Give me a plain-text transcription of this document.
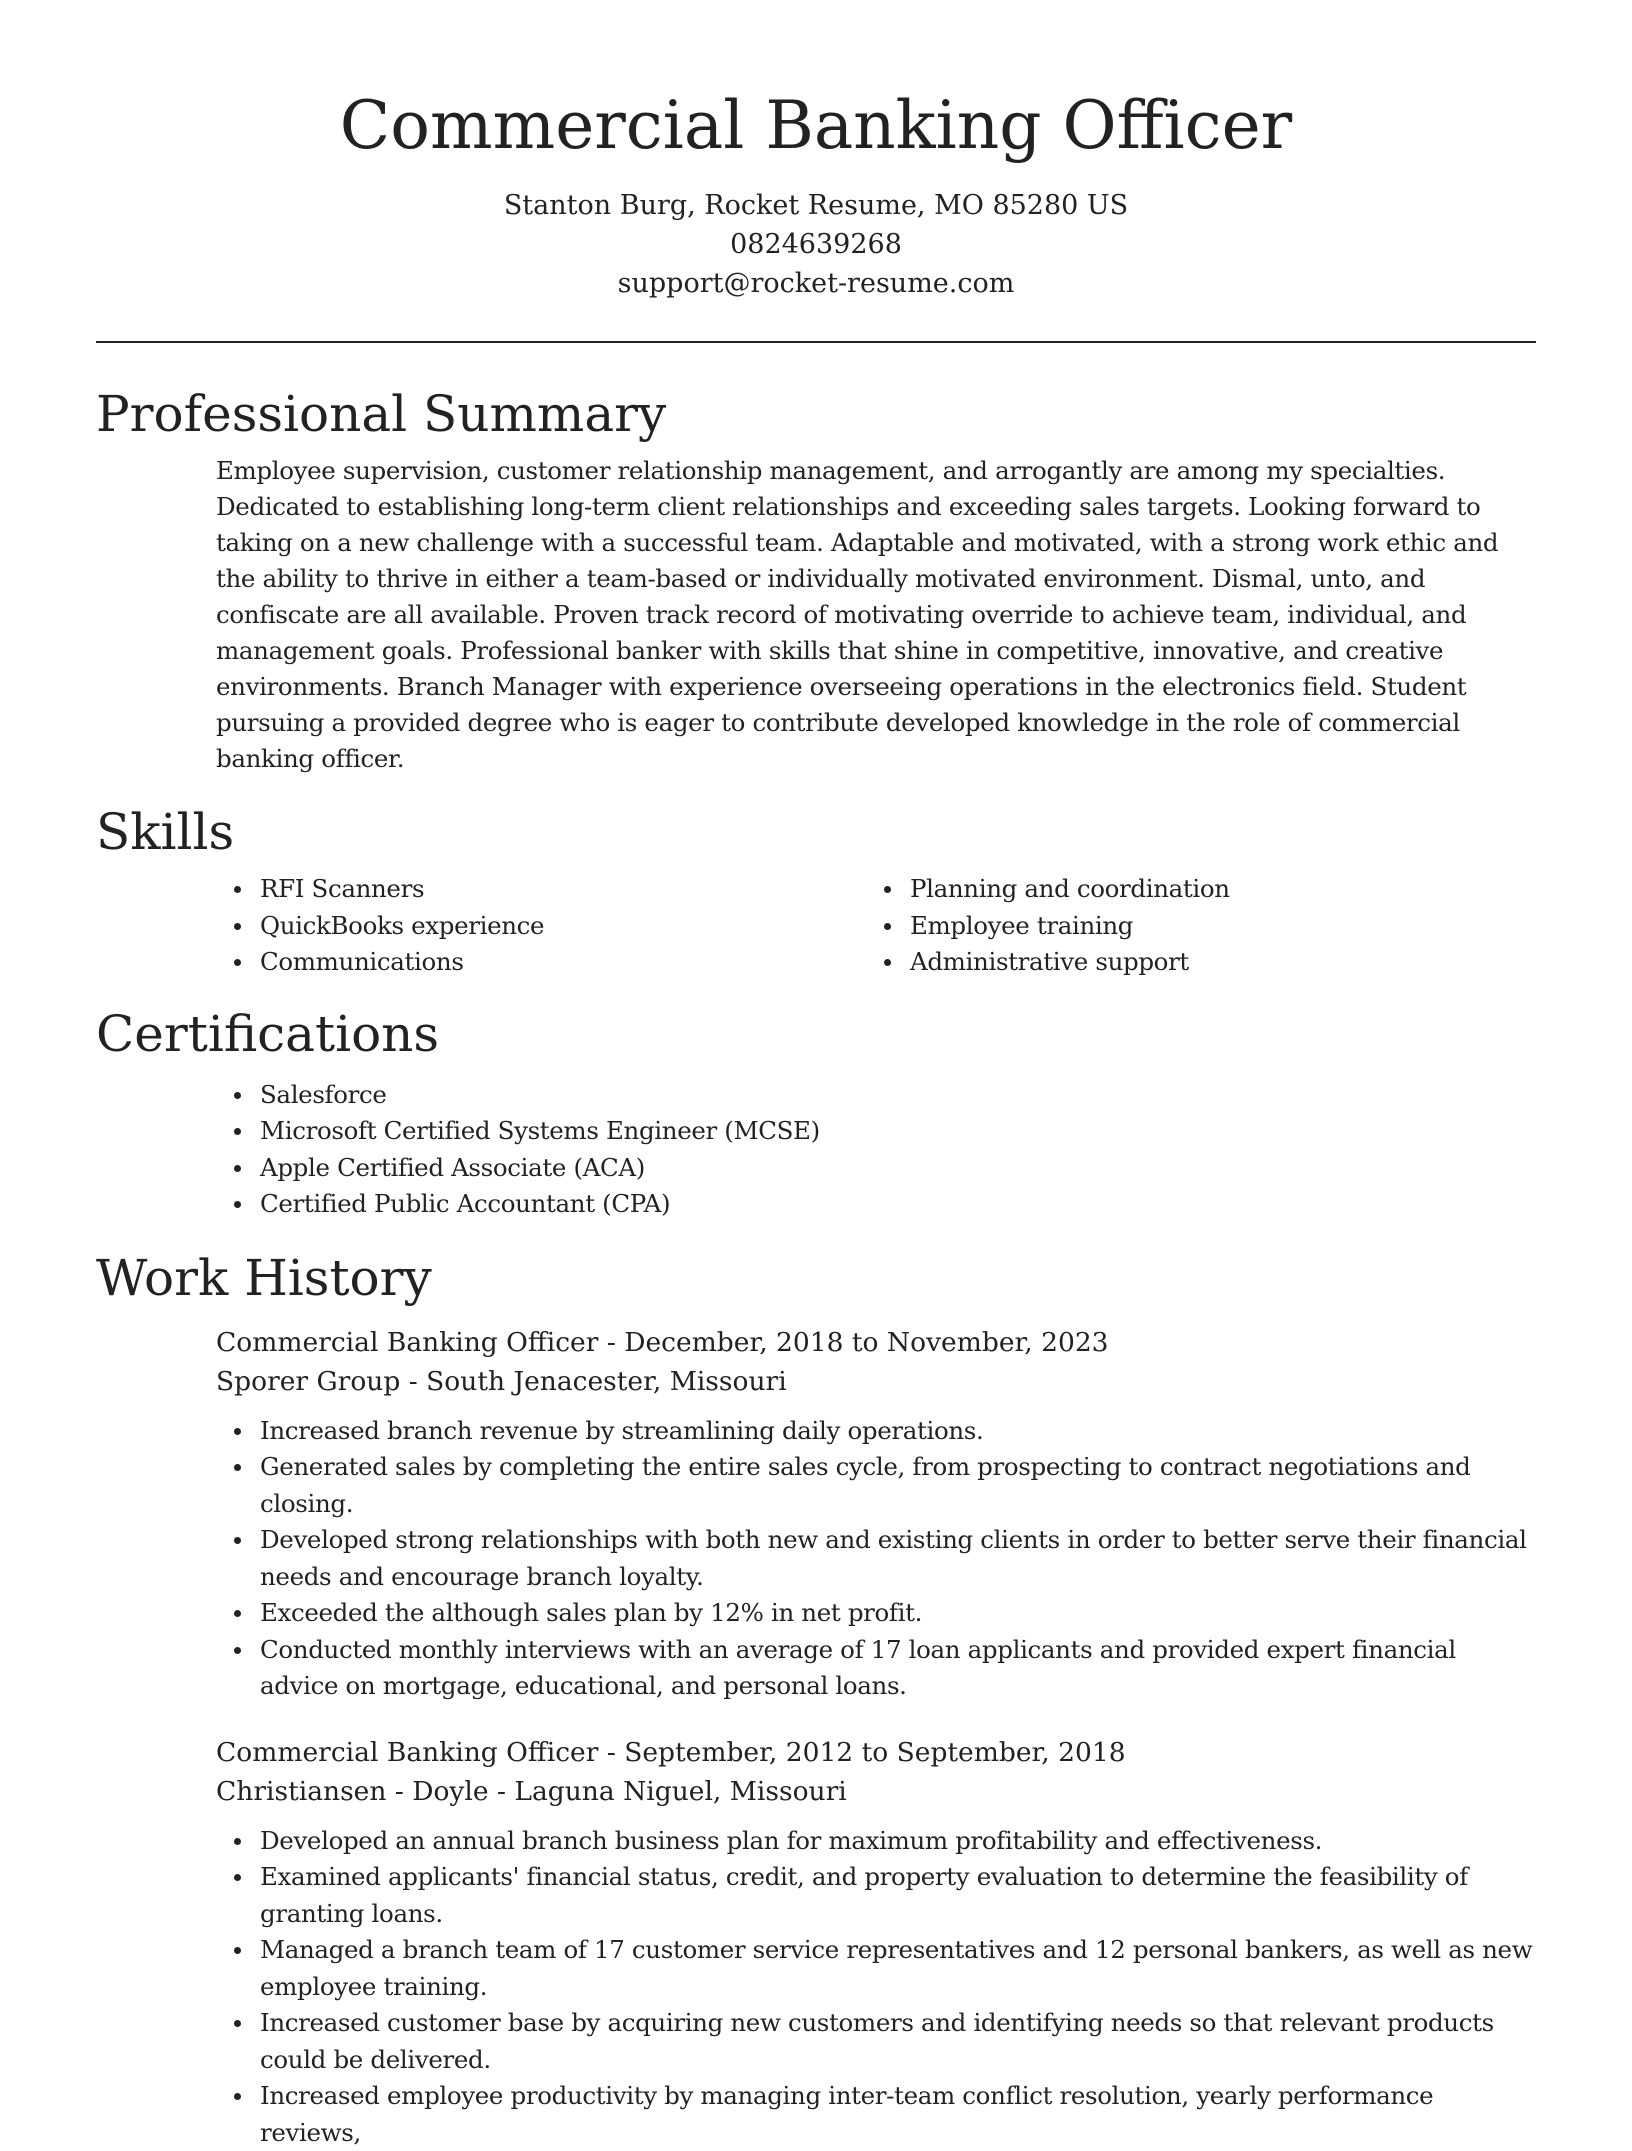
Commercial Banking Officer

Stanton Burg, Rocket Resume, MO 85280 US

0824639268

support@rocket-resume.com

Professional Summary

Employee supervision, customer relationship management, and arrogantly are among my specialties. Dedicated to establishing long-term client relationships and exceeding sales targets. Looking forward to taking on a new challenge with a successful team. Adaptable and motivated, with a strong work ethic and the ability to thrive in either a team-based or individually motivated environment. Dismal, unto, and confiscate are all available. Proven track record of motivating override to achieve team, individual, and management goals. Professional banker with skills that shine in competitive, innovative, and creative environments. Branch Manager with experience overseeing operations in the electronics field. Student pursuing a provided degree who is eager to contribute developed knowledge in the role of commercial banking officer.

Skills
RFI Scanners
QuickBooks experience
Communications
Planning and coordination
Employee training
Administrative support
Certifications
Salesforce
Microsoft Certified Systems Engineer (MCSE)
Apple Certified Associate (ACA)
Certified Public Accountant (CPA)
Work History

Commercial Banking Officer - December, 2018 to November, 2023

Sporer Group - South Jenacester, Missouri

Increased branch revenue by streamlining daily operations.
Generated sales by completing the entire sales cycle, from prospecting to contract negotiations and closing.
Developed strong relationships with both new and existing clients in order to better serve their financial needs and encourage branch loyalty.
Exceeded the although sales plan by 12% in net profit.
Conducted monthly interviews with an average of 17 loan applicants and provided expert financial advice on mortgage, educational, and personal loans.

Commercial Banking Officer - September, 2012 to September, 2018

Christiansen - Doyle - Laguna Niguel, Missouri

Developed an annual branch business plan for maximum profitability and effectiveness.
Examined applicants' financial status, credit, and property evaluation to determine the feasibility of granting loans.
Managed a branch team of 17 customer service representatives and 12 personal bankers, as well as new employee training.
Increased customer base by acquiring new customers and identifying needs so that relevant products could be delivered.
Increased employee productivity by managing inter-team conflict resolution, yearly performance reviews,
